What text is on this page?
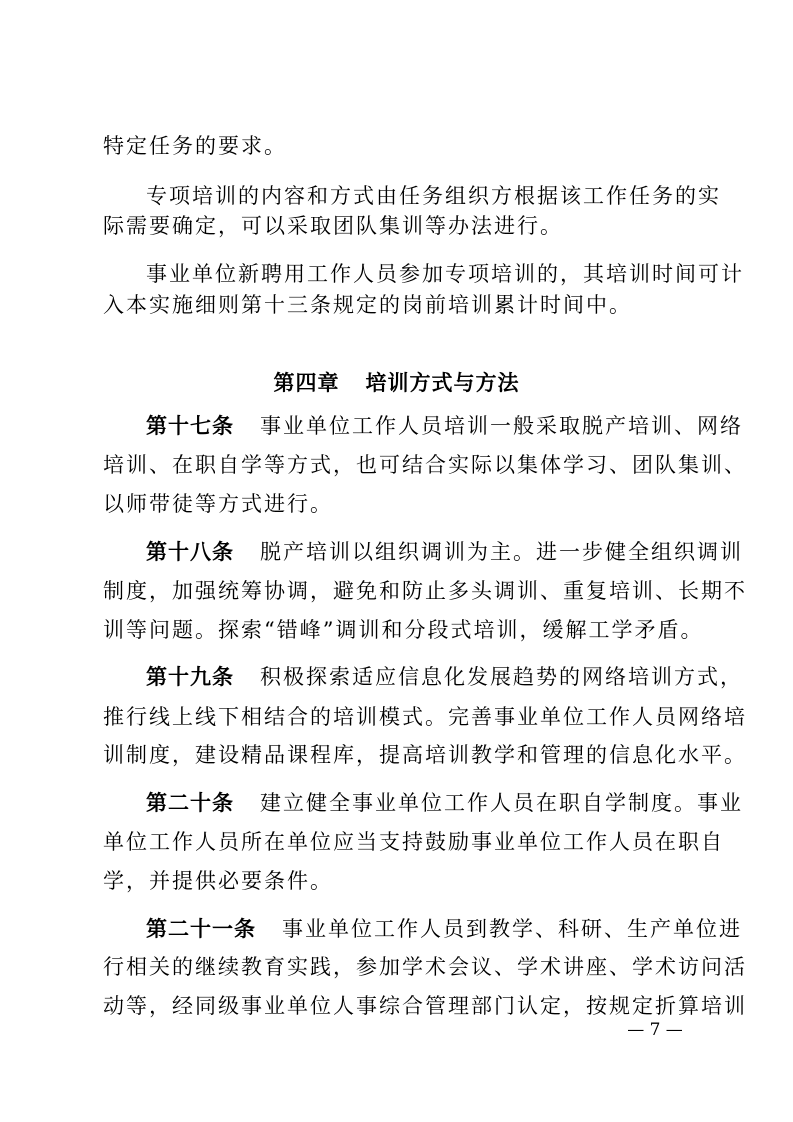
特定任务的要求。
专项培训的内容和方式由任务组织方根据该工作任务的实
际需要确定，可以采取团队集训等办法进行。
事业单位新聘用工作人员参加专项培训的，其培训时间可计
入本实施细则第十三条规定的岗前培训累计时间中。
第四章 培训方式与方法
第十七条 事业单位工作人员培训一般采取脱产培训、网络
培训、在职自学等方式，也可结合实际以集体学习、团队集训、
以师带徒等方式进行。
第十八条 脱产培训以组织调训为主。进一步健全组织调训
制度，加强统筹协调，避免和防止多头调训、重复培训、长期不
训等问题。探索“错峰”调训和分段式培训，缓解工学矛盾。
第十九条 积极探索适应信息化发展趋势的网络培训方式，
推行线上线下相结合的培训模式。完善事业单位工作人员网络培
训制度，建设精品课程库，提高培训教学和管理的信息化水平。
第二十条 建立健全事业单位工作人员在职自学制度。事业
单位工作人员所在单位应当支持鼓励事业单位工作人员在职自
学，并提供必要条件。
第二十一条 事业单位工作人员到教学、科研、生产单位进
行相关的继续教育实践，参加学术会议、学术讲座、学术访问活
动等，经同级事业单位人事综合管理部门认定，按规定折算培训
— 7 —
